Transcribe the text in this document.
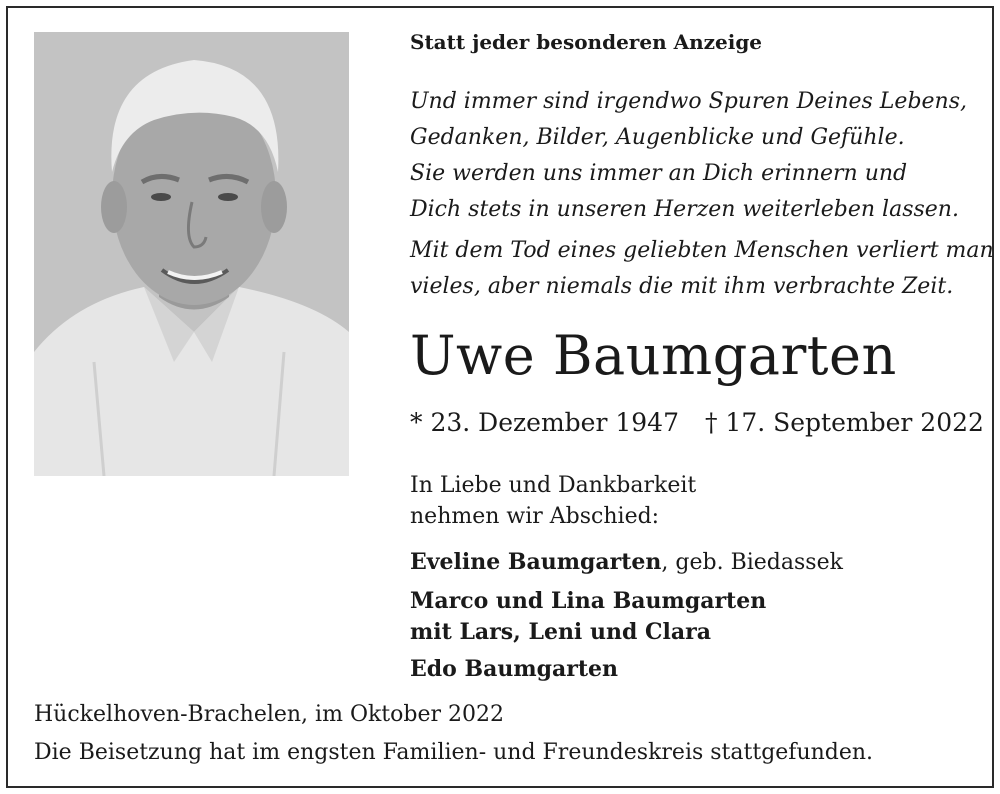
Statt jeder besonderen Anzeige
Und immer sind irgendwo Spuren Deines Lebens,
Gedanken, Bilder, Augenblicke und Gefühle.
Sie werden uns immer an Dich erinnern und
Dich stets in unseren Herzen weiterleben lassen.
Mit dem Tod eines geliebten Menschen verliert man
vieles, aber niemals die mit ihm verbrachte Zeit.
Uwe Baumgarten
* 23. Dezember 1947 † 17. September 2022
In Liebe und Dankbarkeit
nehmen wir Abschied:
Eveline Baumgarten, geb. Biedassek
Marco und Lina Baumgarten
mit Lars, Leni und Clara
Edo Baumgarten
Hückelhoven-Brachelen, im Oktober 2022
Die Beisetzung hat im engsten Familien- und Freundeskreis stattgefunden.
